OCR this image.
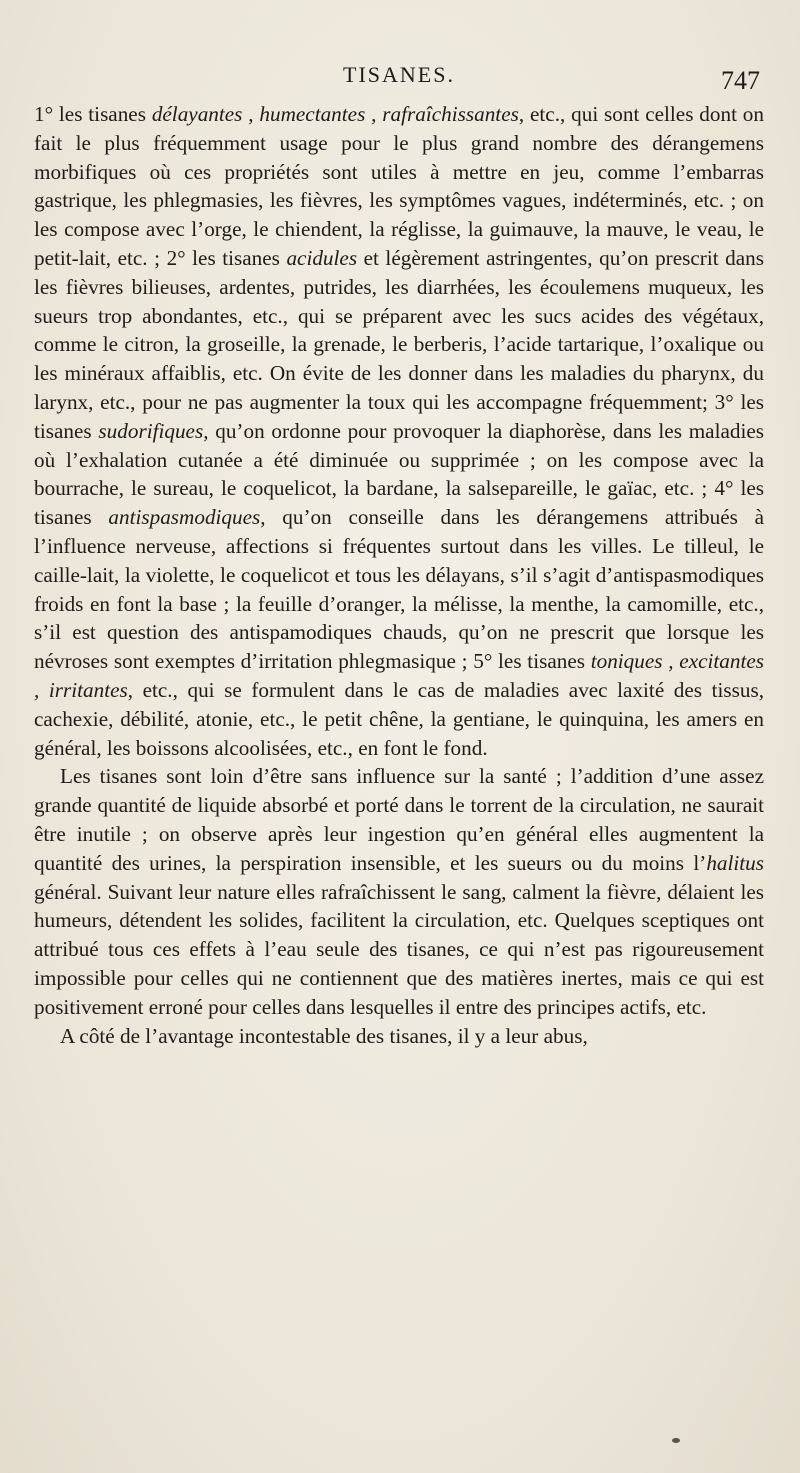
TISANES.	747

1° les tisanes délayantes , humectantes , rafraîchissantes, etc., qui sont celles dont on fait le plus fréquemment usage pour le plus grand nombre des dérangemens morbifiques où ces propriétés sont utiles à mettre en jeu, comme l’embarras gastrique, les phlegmasies, les fièvres, les symptômes vagues, indéterminés, etc. ; on les compose avec l’orge, le chiendent, la réglisse, la guimauve, la mauve, le veau, le petit-lait, etc. ; 2° les tisanes acidules et légèrement astringentes, qu’on prescrit dans les fièvres bilieuses, ardentes, putrides, les diarrhées, les écoulemens muqueux, les sueurs trop abondantes, etc., qui se préparent avec les sucs acides des végétaux, comme le citron, la groseille, la grenade, le berberis, l’acide tartarique, l’oxalique ou les minéraux affaiblis, etc. On évite de les donner dans les maladies du pharynx, du larynx, etc., pour ne pas augmenter la toux qui les accompagne fréquemment; 3° les tisanes sudorifiques, qu’on ordonne pour provoquer la diaphorèse, dans les maladies où l’exhalation cutanée a été diminuée ou supprimée ; on les compose avec la bourrache, le sureau, le coquelicot, la bardane, la salsepareille, le gaïac, etc. ; 4° les tisanes antispasmodiques, qu’on conseille dans les dérangemens attribués à l’influence nerveuse, affections si fréquentes surtout dans les villes. Le tilleul, le caille-lait, la violette, le coquelicot et tous les délayans, s’il s’agit d’antispasmodiques froids en font la base ; la feuille d’oranger, la mélisse, la menthe, la camomille, etc., s’il est question des antispamodiques chauds, qu’on ne prescrit que lorsque les névroses sont exemptes d’irritation phlegmasique ; 5° les tisanes toniques , excitantes , irritantes, etc., qui se formulent dans le cas de maladies avec laxité des tissus, cachexie, débilité, atonie, etc., le petit chêne, la gentiane, le quinquina, les amers en général, les boissons alcoolisées, etc., en font le fond.

Les tisanes sont loin d’être sans influence sur la santé ; l’addition d’une assez grande quantité de liquide absorbé et porté dans le torrent de la circulation, ne saurait être inutile ; on observe après leur ingestion qu’en général elles augmentent la quantité des urines, la perspiration insensible, et les sueurs ou du moins l’halitus général. Suivant leur nature elles rafraîchissent le sang, calment la fièvre, délaient les humeurs, détendent les solides, facilitent la circulation, etc. Quelques sceptiques ont attribué tous ces effets à l’eau seule des tisanes, ce qui n’est pas rigoureusement impossible pour celles qui ne contiennent que des matières inertes, mais ce qui est positivement erroné pour celles dans lesquelles il entre des principes actifs, etc.

A côté de l’avantage incontestable des tisanes, il y a leur abus,
